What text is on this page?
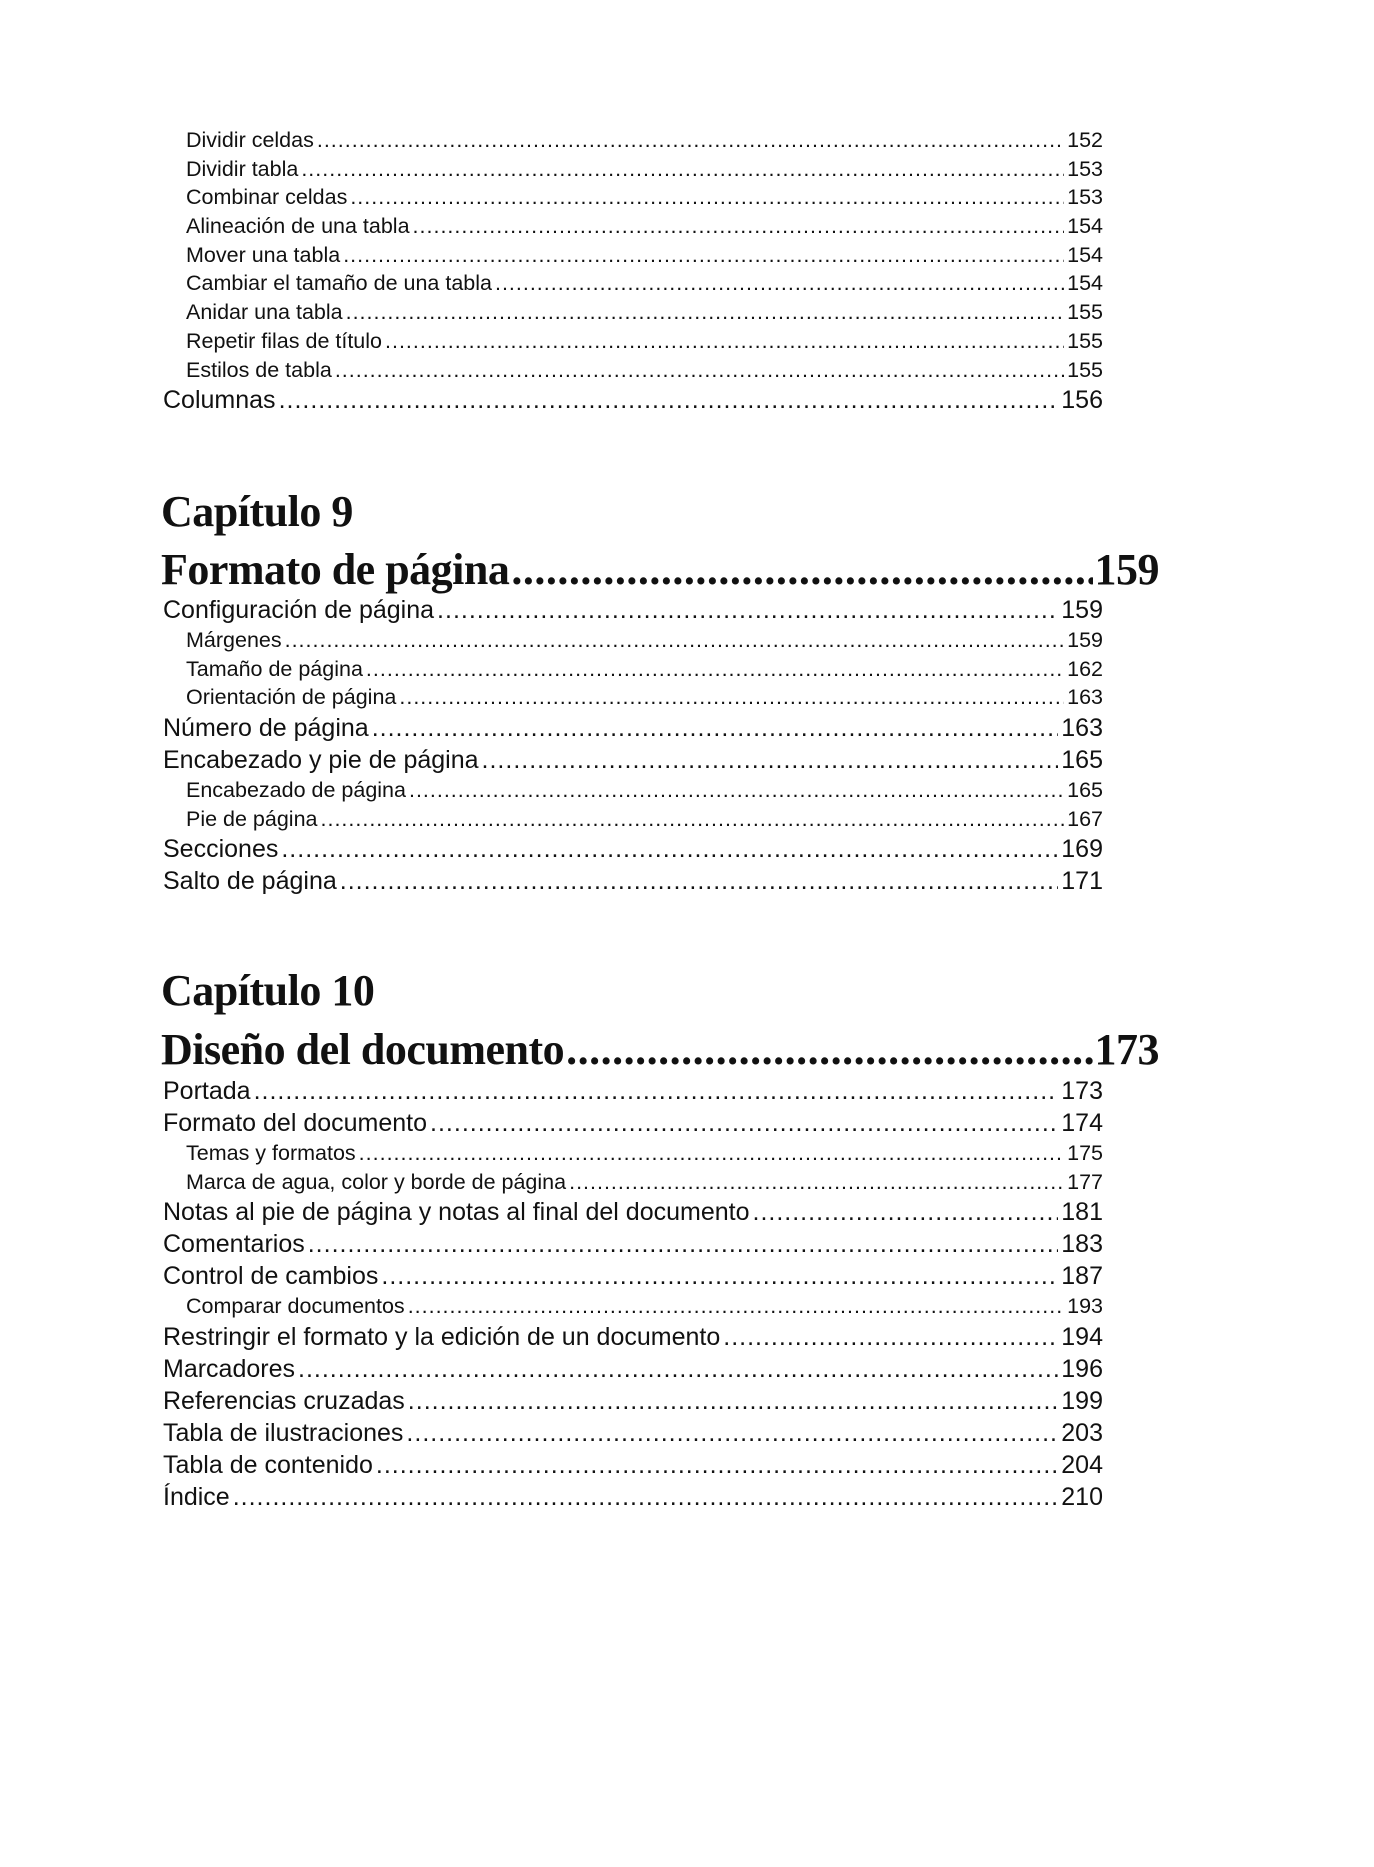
Dividir celdas .....	152
Dividir tabla .....	153
Combinar celdas .....	153
Alineación de una tabla .....	154
Mover una tabla .....	154
Cambiar el tamaño de una tabla .....	154
Anidar una tabla .....	155
Repetir filas de título .....	155
Estilos de tabla .....	155
Columnas .....	156
Capítulo 9
Formato de página .....	159
Configuración de página .....	159
Márgenes .....	159
Tamaño de página .....	162
Orientación de página .....	163
Número de página .....	163
Encabezado y pie de página .....	165
Encabezado de página .....	165
Pie de página .....	167
Secciones .....	169
Salto de página .....	171
Capítulo 10
Diseño del documento .....	173
Portada .....	173
Formato del documento .....	174
Temas y formatos .....	175
Marca de agua, color y borde de página .....	177
Notas al pie de página y notas al final del documento .....	181
Comentarios .....	183
Control de cambios .....	187
Comparar documentos .....	193
Restringir el formato y la edición de un documento .....	194
Marcadores .....	196
Referencias cruzadas .....	199
Tabla de ilustraciones .....	203
Tabla de contenido .....	204
Índice .....	210
